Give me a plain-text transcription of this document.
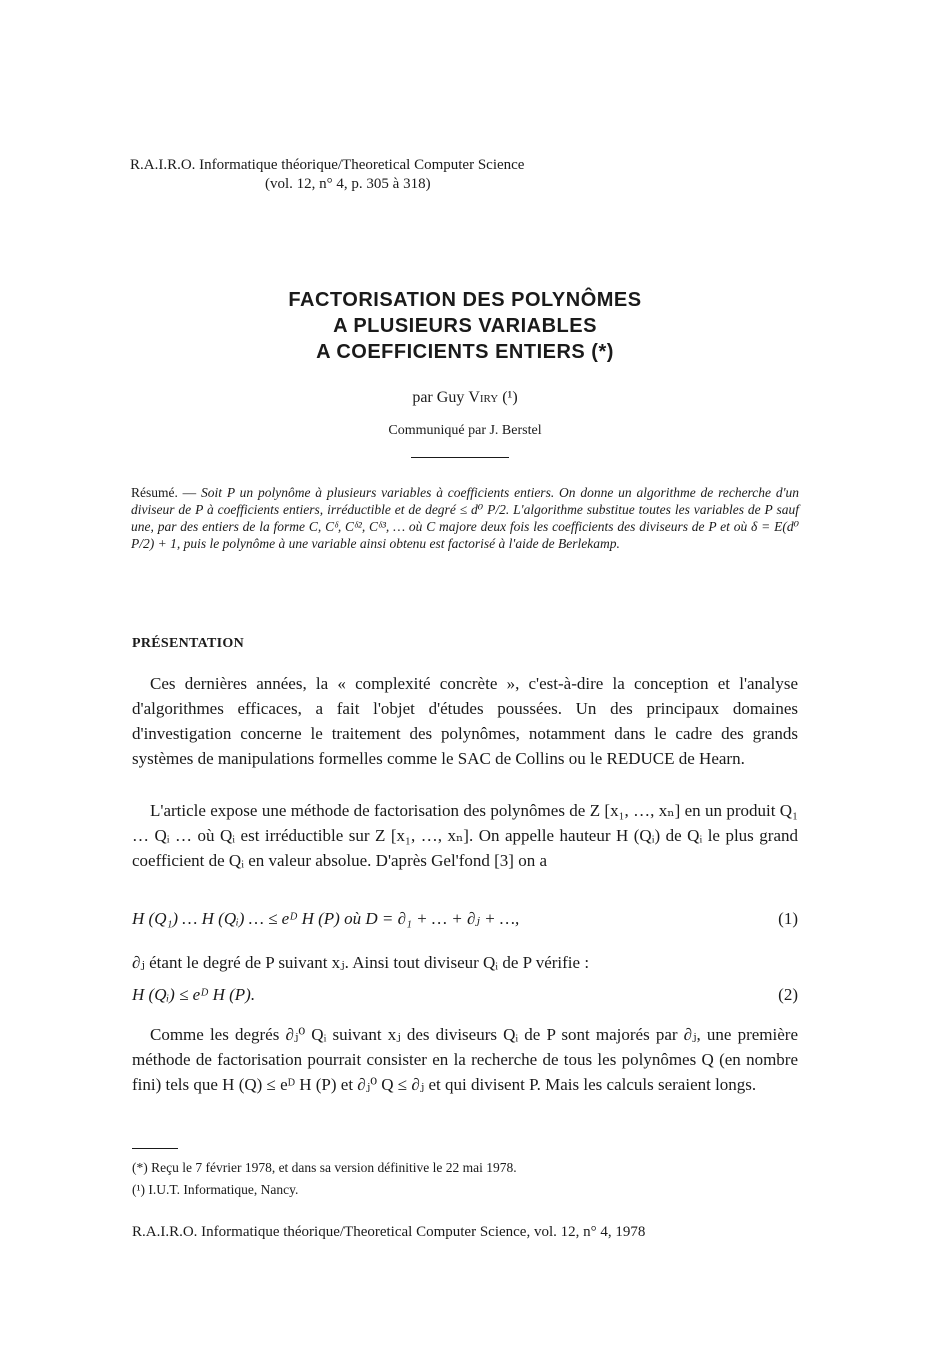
R.A.I.R.O. Informatique théorique/Theoretical Computer Science
(vol. 12, n° 4, p. 305 à 318)
FACTORISATION DES POLYNÔMES
A PLUSIEURS VARIABLES
A COEFFICIENTS ENTIERS (*)
par Guy Viry (¹)
Communiqué par J. Berstel
Résumé. — Soit P un polynôme à plusieurs variables à coefficients entiers. On donne un algorithme de recherche d'un diviseur de P à coefficients entiers, irréductible et de degré ≤ d⁰ P/2. L'algorithme substitue toutes les variables de P sauf une, par des entiers de la forme C, Cᵟ, Cᵟ², Cᵟ³, … où C majore deux fois les coefficients des diviseurs de P et où δ = E(d⁰ P/2) + 1, puis le polynôme à une variable ainsi obtenu est factorisé à l'aide de Berlekamp.
PRÉSENTATION
Ces dernières années, la « complexité concrète », c'est-à-dire la conception et l'analyse d'algorithmes efficaces, a fait l'objet d'études poussées. Un des principaux domaines d'investigation concerne le traitement des polynômes, notamment dans le cadre des grands systèmes de manipulations formelles comme le SAC de Collins ou le REDUCE de Hearn.
L'article expose une méthode de factorisation des polynômes de Z [x₁, …, xₙ] en un produit Q₁ … Qᵢ … où Qᵢ est irréductible sur Z [x₁, …, xₙ]. On appelle hauteur H (Qᵢ) de Qᵢ le plus grand coefficient de Qᵢ en valeur absolue. D'après Gel'fond [3] on a
H (Q₁) … H (Qᵢ) … ≤ eᴰ H (P) où D = ∂₁ + … + ∂ⱼ + …,	(1)
∂ⱼ étant le degré de P suivant xⱼ. Ainsi tout diviseur Qᵢ de P vérifie :
H (Qᵢ) ≤ eᴰ H (P).	(2)
Comme les degrés ∂ⱼ⁰ Qᵢ suivant xⱼ des diviseurs Qᵢ de P sont majorés par ∂ⱼ, une première méthode de factorisation pourrait consister en la recherche de tous les polynômes Q (en nombre fini) tels que H (Q) ≤ eᴰ H (P) et ∂ⱼ⁰ Q ≤ ∂ⱼ et qui divisent P. Mais les calculs seraient longs.
(*) Reçu le 7 février 1978, et dans sa version définitive le 22 mai 1978.
(¹) I.U.T. Informatique, Nancy.
R.A.I.R.O. Informatique théorique/Theoretical Computer Science, vol. 12, n° 4, 1978
